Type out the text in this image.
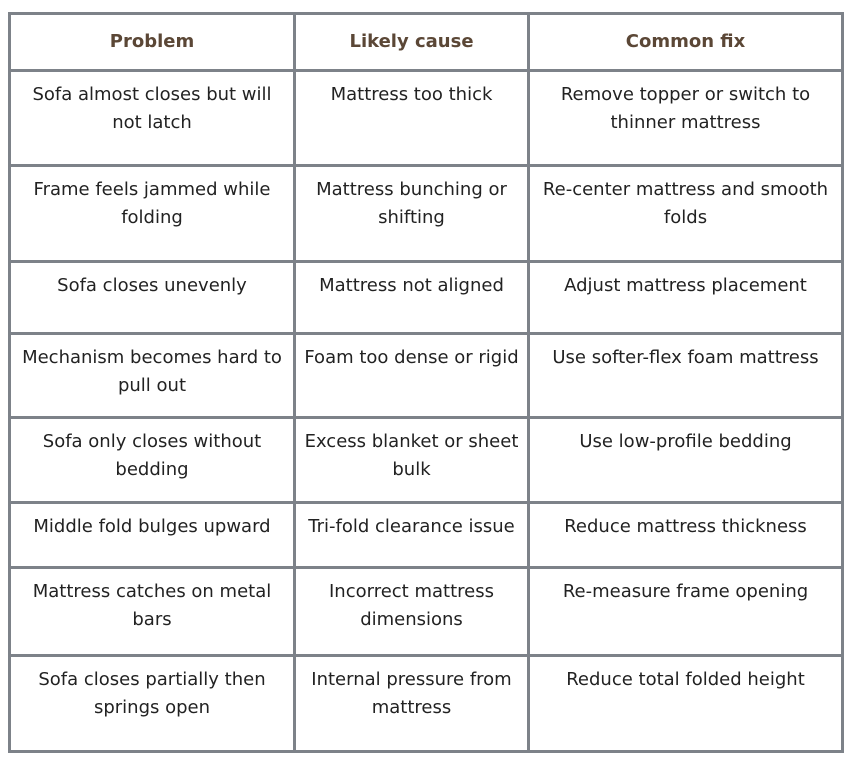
Problem	Likely cause	Common fix
Sofa almost closes but will not latch	Mattress too thick	Remove topper or switch to thinner mattress
Frame feels jammed while folding	Mattress bunching or shifting	Re-center mattress and smooth folds
Sofa closes unevenly	Mattress not aligned	Adjust mattress placement
Mechanism becomes hard to pull out	Foam too dense or rigid	Use softer-flex foam mattress
Sofa only closes without bedding	Excess blanket or sheet bulk	Use low-profile bedding
Middle fold bulges upward	Tri-fold clearance issue	Reduce mattress thickness
Mattress catches on metal bars	Incorrect mattress dimensions	Re-measure frame opening
Sofa closes partially then springs open	Internal pressure from mattress	Reduce total folded height
